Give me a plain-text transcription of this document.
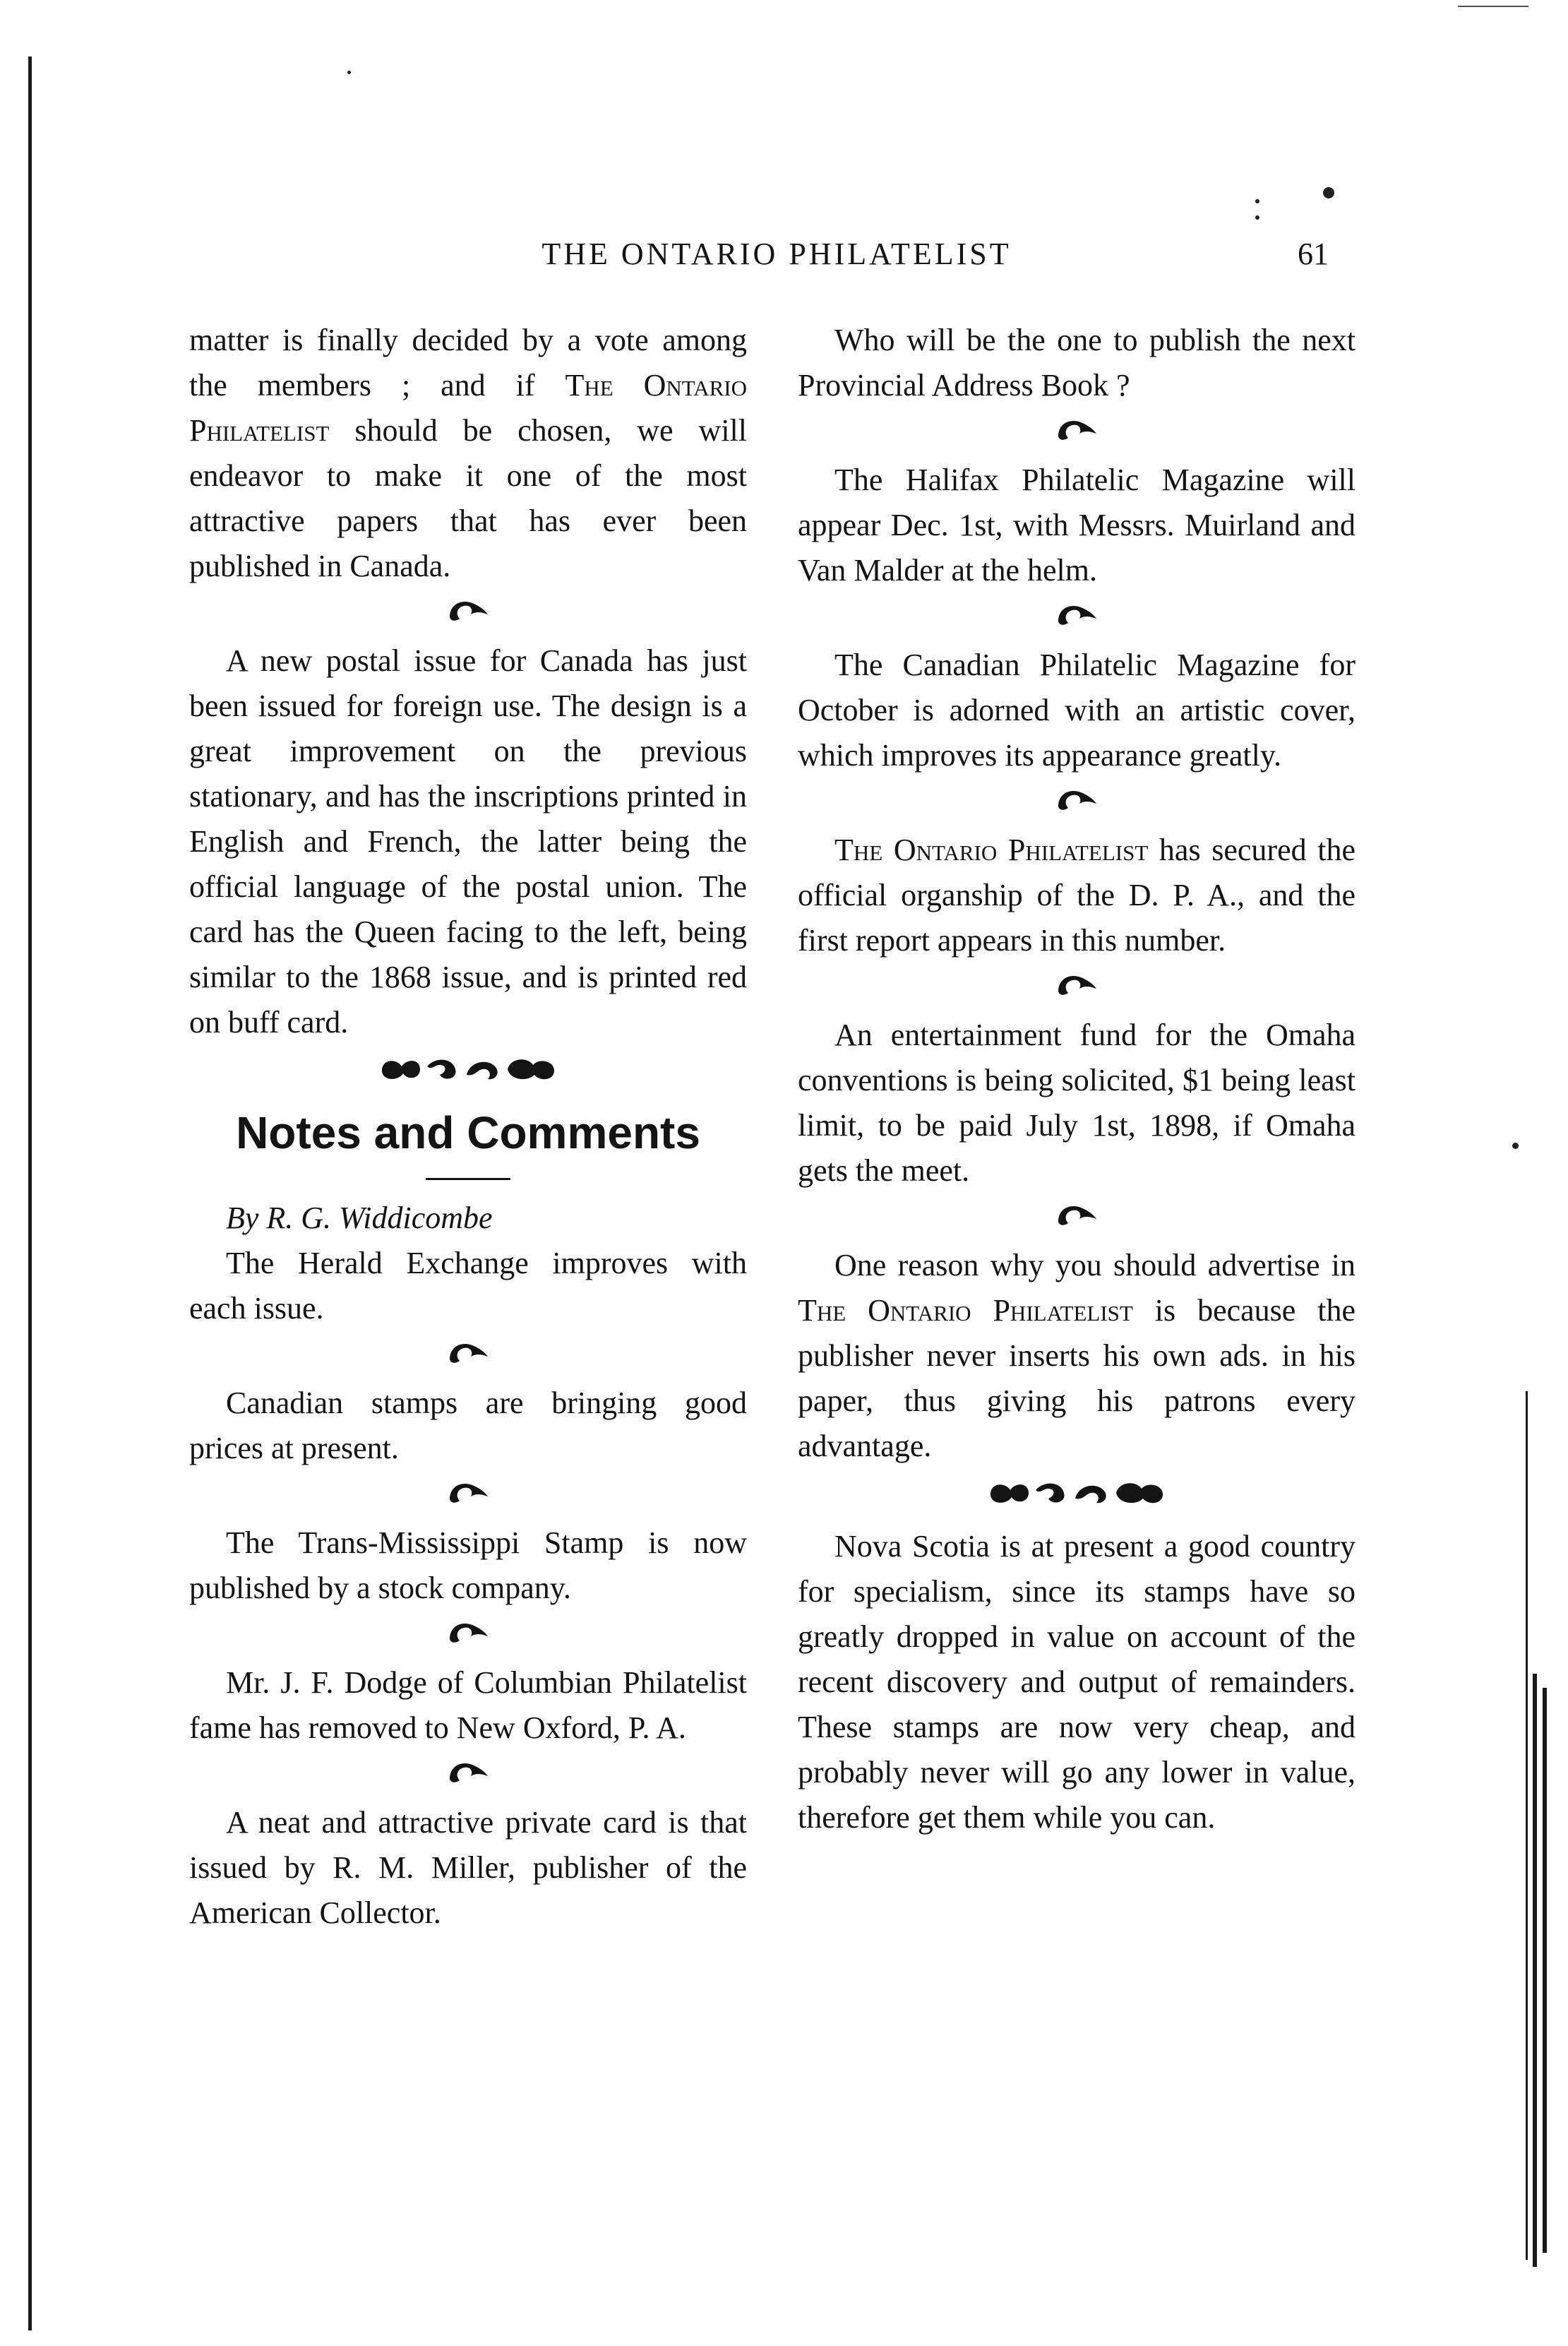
THE ONTARIO PHILATELIST	61

matter is finally decided by a vote among the members ; and if The Ontario Philatelist should be chosen, we will endeavor to make it one of the most attractive papers that has ever been published in Canada.

A new postal issue for Canada has just been issued for foreign use. The design is a great improvement on the previous stationary, and has the inscriptions printed in English and French, the latter being the official language of the postal union. The card has the Queen facing to the left, being similar to the 1868 issue, and is printed red on buff card.

Notes and Comments

By R. G. Widdicombe

The Herald Exchange improves with each issue.

Canadian stamps are bringing good prices at present.

The Trans-Mississippi Stamp is now published by a stock company.

Mr. J. F. Dodge of Columbian Philatelist fame has removed to New Oxford, P. A.

A neat and attractive private card is that issued by R. M. Miller, publisher of the American Collector.

Who will be the one to publish the next Provincial Address Book ?

The Halifax Philatelic Magazine will appear Dec. 1st, with Messrs. Muirland and Van Malder at the helm.

The Canadian Philatelic Magazine for October is adorned with an artistic cover, which improves its appearance greatly.

The Ontario Philatelist has secured the official organship of the D. P. A., and the first report appears in this number.

An entertainment fund for the Omaha conventions is being solicited, $1 being least limit, to be paid July 1st, 1898, if Omaha gets the meet.

One reason why you should advertise in The Ontario Philatelist is because the publisher never inserts his own ads. in his paper, thus giving his patrons every advantage.

Nova Scotia is at present a good country for specialism, since its stamps have so greatly dropped in value on account of the recent discovery and output of remainders. These stamps are now very cheap, and probably never will go any lower in value, therefore get them while you can.
